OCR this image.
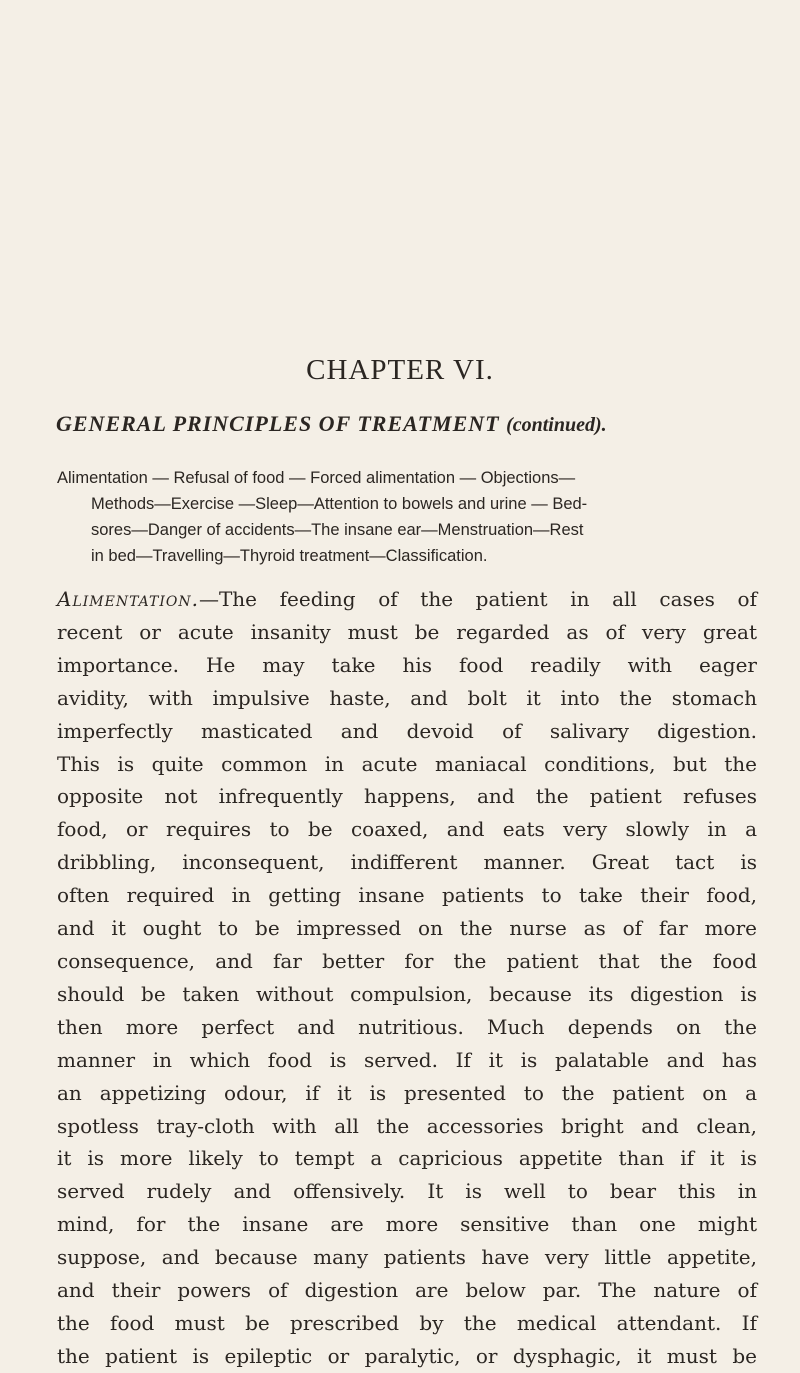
CHAPTER VI.
GENERAL PRINCIPLES OF TREATMENT (continued).
Alimentation — Refusal of food — Forced alimentation — Objections—
Methods—Exercise —Sleep—Attention to bowels and urine — Bed-
sores—Danger of accidents—The insane ear—Menstruation—Rest
in bed—Travelling—Thyroid treatment—Classification.
Alimentation.—The feeding of the patient in all cases of
recent or acute insanity must be regarded as of very great
importance. He may take his food readily with eager
avidity, with impulsive haste, and bolt it into the stomach
imperfectly masticated and devoid of salivary digestion.
This is quite common in acute maniacal conditions, but the
opposite not infrequently happens, and the patient refuses
food, or requires to be coaxed, and eats very slowly in a
dribbling, inconsequent, indifferent manner. Great tact is
often required in getting insane patients to take their food,
and it ought to be impressed on the nurse as of far more
consequence, and far better for the patient that the food
should be taken without compulsion, because its digestion is
then more perfect and nutritious. Much depends on the
manner in which food is served. If it is palatable and has
an appetizing odour, if it is presented to the patient on a
spotless tray-cloth with all the accessories bright and clean,
it is more likely to tempt a capricious appetite than if it is
served rudely and offensively. It is well to bear this in
mind, for the insane are more sensitive than one might
suppose, and because many patients have very little appetite,
and their powers of digestion are below par. The nature of
the food must be prescribed by the medical attendant. If
the patient is epileptic or paralytic, or dysphagic, it must be
